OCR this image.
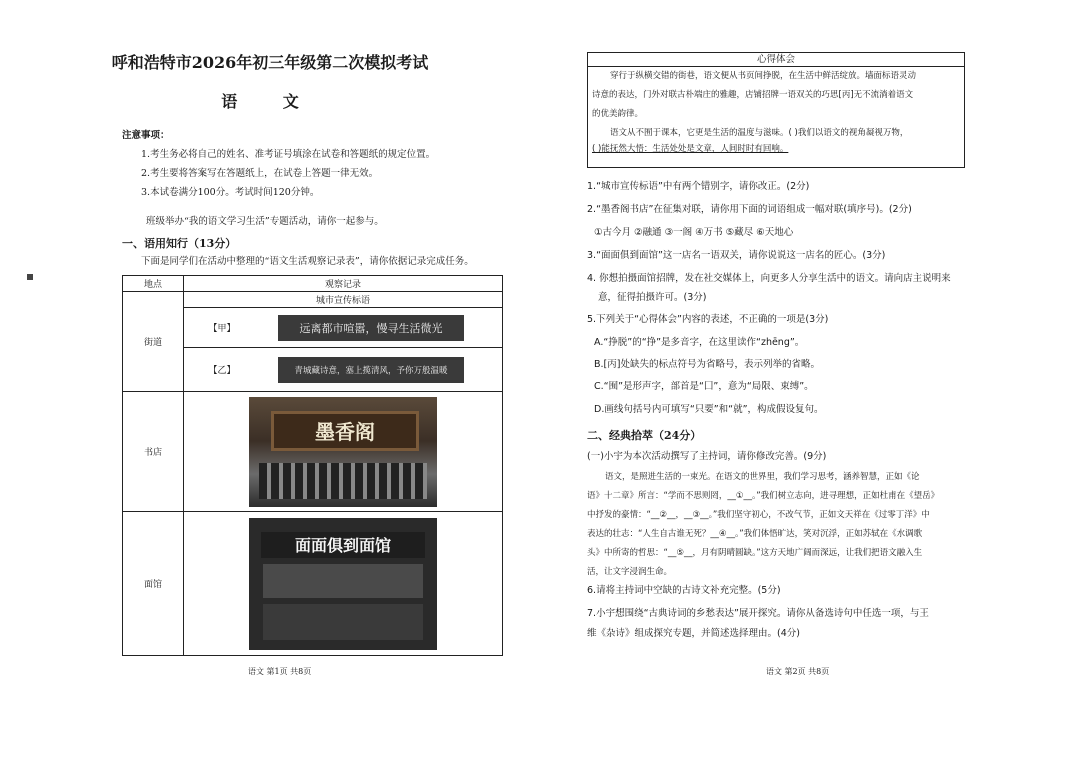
呼和浩特市2026年初三年级第二次模拟考试
语 文
注意事项：
1.考生务必将自己的姓名、准考证号填涂在试卷和答题纸的规定位置。
2.考生要将答案写在答题纸上，在试卷上答题一律无效。
3.本试卷满分100分。考试时间120分钟。
班级举办“我的语文学习生活”专题活动，请你一起参与。
一、语用知行（13分）
下面是同学们在活动中整理的“语文生活观察记录表”，请你依据记录完成任务。
地点	观察记录
街道	城市宣传标语

	【甲】 远离都市喧嚣，慢寻生活微光

	【乙】 青城藏诗意，塞上揽清风，予你万般温暖

书店	墨香阁

面馆	面面俱到面馆
语文 第1页 共8页
心得体会
穿行于纵横交错的街巷，语文便从书页间挣脱，在生活中鲜活绽放。墙面标语灵动
诗意的表达，门外对联古朴端庄的雅趣，店铺招牌一语双关的巧思[丙]无不流淌着语文
的优美韵律。
语文从不囿于课本，它更是生活的温度与滋味。( )我们以语文的视角凝视万物，
( )能抚然大悟：生活处处是文章，人间时时有回响。
1.“城市宣传标语”中有两个错别字，请你改正。(2分)
2.“墨香阁书店”在征集对联，请你用下面的词语组成一幅对联(填序号)。(2分)
①古今月 ②融通 ③一阁 ④万书 ⑤藏尽 ⑥天地心
3.“面面俱到面馆”这一店名一语双关，请你说说这一店名的匠心。(3分)
4. 你想拍摄面馆招牌，发在社交媒体上，向更多人分享生活中的语文。请向店主说明来
意，征得拍摄许可。(3分)
5.下列关于“心得体会”内容的表述，不正确的一项是(3分)
A.“挣脱”的“挣”是多音字，在这里读作“zhēng”。
B.[丙]处缺失的标点符号为省略号，表示列举的省略。
C.“囿”是形声字，部首是“囗”，意为“局限、束缚”。
D.画线句括号内可填写“只要”和“就”，构成假设复句。
二、经典拾萃（24分）
(一)小宇为本次活动撰写了主持词，请你修改完善。(9分)
语文，是照进生活的一束光。在语文的世界里，我们学习思考，涵养智慧，正如《论
语》十二章》所言：“学而不思则罔，__①__。”我们树立志向，进寻理想，正如杜甫在《望岳》
中抒发的豪情：“__②__，__③__。”我们坚守初心，不改气节，正如文天祥在《过零丁洋》中
表达的壮志：“人生自古谁无死？__④__。”我们体悟旷达，笑对沉浮，正如苏轼在《水调歌
头》中所寄的哲思：“__⑤__，月有阴晴圆缺。”这方天地广阔而深远，让我们把语文融入生
活，让文字浸润生命。
6.请将主持词中空缺的古诗文补充完整。(5分)
7.小宇想围绕“古典诗词的乡愁表达”展开探究。请你从备选诗句中任选一项，与王
维《杂诗》组成探究专题，并简述选择理由。(4分)
语文 第2页 共8页
